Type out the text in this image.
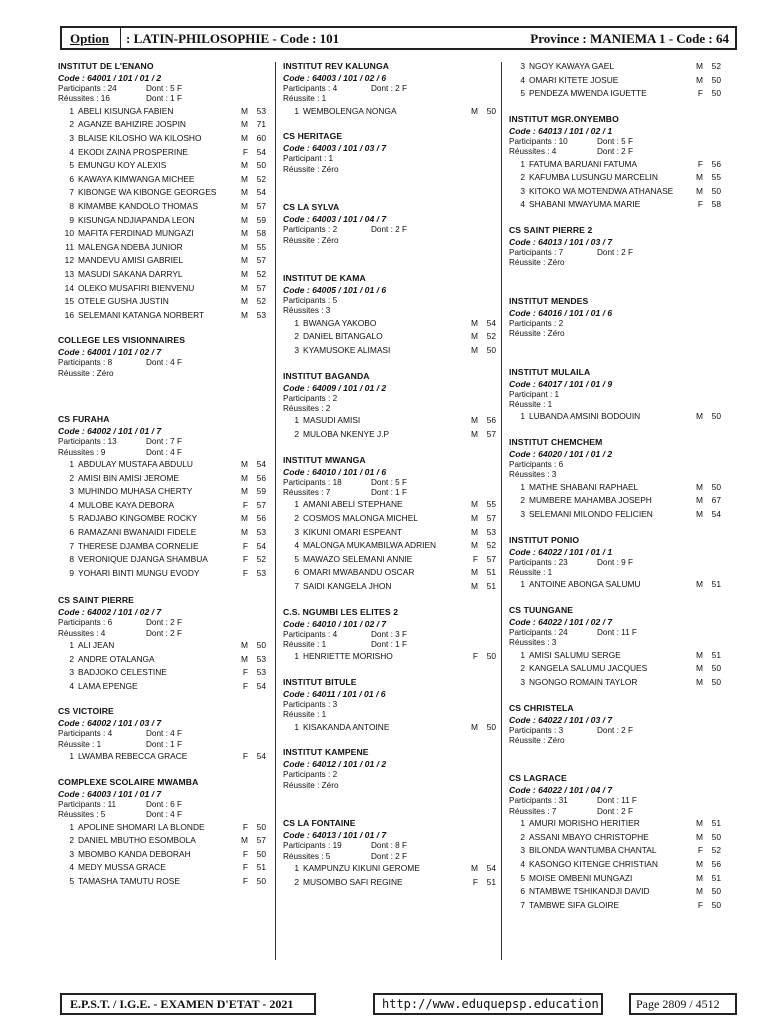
Option : LATIN-PHILOSOPHIE - Code : 101	Province : MANIEMA 1 - Code : 64
INSTITUT DE L'ENANO
Code : 64001 / 101 / 01 / 2
Participants : 24	Dont : 5 F
Réussites : 16	Dont : 1 F
1 ABELI KISUNGA FABIEN	M	53
2 AGANZE BAHIZIRE JOSPIN	M	71
3 BLAISE KILOSHO WA KILOSHO	M	60
4 EKODI ZAINA PROSPERINE	F	54
5 EMUNGU KOY ALEXIS	M	50
6 KAWAYA KIMWANGA MICHEE	M	52
7 KIBONGE WA KIBONGE GEORGES	M	54
8 KIMAMBE KANDOLO THOMAS	M	57
9 KISUNGA NDJIAPANDA LEON	M	59
10 MAFITA FERDINAD MUNGAZI	M	58
11 MALENGA NDEBA JUNIOR	M	55
12 MANDEVU AMISI GABRIEL	M	57
13 MASUDI SAKANA DARRYL	M	52
14 OLEKO MUSAFIRI BIENVENU	M	57
15 OTELE GUSHA JUSTIN	M	52
16 SELEMANI KATANGA NORBERT	M	53
COLLEGE LES VISIONNAIRES
Code : 64001 / 101 / 02 / 7
Participants : 8	Dont : 4 F
Réussite : Zéro
CS FURAHA
Code : 64002 / 101 / 01 / 7
Participants : 13	Dont : 7 F
Réussites : 9	Dont : 4 F
1 ABDULAY MUSTAFA ABDULU	M	54
2 AMISI BIN AMISI JEROME	M	56
3 MUHINDO MUHASA CHERTY	M	59
4 MULOBE KAYA DEBORA	F	57
5 RADJABO KINGOMBE ROCKY	M	56
6 RAMAZANI BWANAIDI FIDELE	M	53
7 THERESE DJAMBA CORNELIE	F	54
8 VERONIQUE DJANGA SHAMBUA	F	52
9 YOHARI BINTI MUNGU EVODY	F	53
CS SAINT PIERRE
Code : 64002 / 101 / 02 / 7
Participants : 6	Dont : 2 F
Réussites : 4	Dont : 2 F
1 ALI JEAN	M	50
2 ANDRE OTALANGA	M	53
3 BADJOKO CELESTINE	F	53
4 LAMA EPENGE	F	54
CS VICTOIRE
Code : 64002 / 101 / 03 / 7
Participants : 4	Dont : 4 F
Réussite : 1	Dont : 1 F
1 LWAMBA REBECCA GRACE	F	54
COMPLEXE SCOLAIRE MWAMBA
Code : 64003 / 101 / 01 / 7
Participants : 11	Dont : 6 F
Réussites : 5	Dont : 4 F
1 APOLINE SHOMARI LA BLONDE	F	50
2 DANIEL MBUTHO ESOMBOLA	M	57
3 MBOMBO KANDA DEBORAH	F	50
4 MEDY MUSSA GRACE	F	51
5 TAMASHA TAMUTU ROSE	F	50
INSTITUT REV KALUNGA
Code : 64003 / 101 / 02 / 6
Participants : 4	Dont : 2 F
Réussite : 1
1 WEMBOLENGA NONGA	M	50
CS HERITAGE
Code : 64003 / 101 / 03 / 7
Participant : 1
Réussite : Zéro
CS LA SYLVA
Code : 64003 / 101 / 04 / 7
Participants : 2	Dont : 2 F
Réussite : Zéro
INSTITUT DE KAMA
Code : 64005 / 101 / 01 / 6
Participants : 5
Réussites : 3
1 BWANGA YAKOBO	M	54
2 DANIEL BITANGALO	M	52
3 KYAMUSOKE ALIMASI	M	50
INSTITUT BAGANDA
Code : 64009 / 101 / 01 / 2
Participants : 2
Réussites : 2
1 MASUDI AMISI	M	56
2 MULOBA NKENYE J.P	M	57
INSTITUT MWANGA
Code : 64010 / 101 / 01 / 6
Participants : 18	Dont : 5 F
Réussites : 7	Dont : 1 F
1 AMANI ABELI STEPHANE	M	55
2 COSMOS MALONGA MICHEL	M	57
3 KIKUNI OMARI ESPEANT	M	53
4 MALONGA MUKAMBILWA ADRIEN	M	52
5 MAWAZO SELEMANI ANNIE	F	57
6 OMARI MWABANDU OSCAR	M	51
7 SAIDI KANGELA JHON	M	51
C.S. NGUMBI LES ELITES 2
Code : 64010 / 101 / 02 / 7
Participants : 4	Dont : 3 F
Réussite : 1	Dont : 1 F
1 HENRIETTE MORISHO	F	50
INSTITUT BITULE
Code : 64011 / 101 / 01 / 6
Participants : 3
Réussite : 1
1 KISAKANDA ANTOINE	M	50
INSTITUT KAMPENE
Code : 64012 / 101 / 01 / 2
Participants : 2
Réussite : Zéro
CS LA FONTAINE
Code : 64013 / 101 / 01 / 7
Participants : 19	Dont : 8 F
Réussites : 5	Dont : 2 F
1 KAMPUNZU KIKUNI GEROME	M	54
2 MUSOMBO SAFI REGINE	F	51
3 NGOY KAWAYA GAEL	M	52
4 OMARI KITETE JOSUE	M	50
5 PENDEZA MWENDA IGUETTE	F	50
INSTITUT MGR.ONYEMBO
Code : 64013 / 101 / 02 / 1
Participants : 10	Dont : 5 F
Réussites : 4	Dont : 2 F
1 FATUMA BARUANI FATUMA	F	56
2 KAFUMBA LUSUNGU MARCELIN	M	55
3 KITOKO WA MOTENDWA ATHANASE	M	50
4 SHABANI MWAYUMA MARIE	F	58
CS SAINT PIERRE 2
Code : 64013 / 101 / 03 / 7
Participants : 7	Dont : 2 F
Réussite : Zéro
INSTITUT MENDES
Code : 64016 / 101 / 01 / 6
Participants : 2
Réussite : Zéro
INSTITUT MULAILA
Code : 64017 / 101 / 01 / 9
Participant : 1
Réussite : 1
1 LUBANDA AMSINI BODOUIN	M	50
INSTITUT CHEMCHEM
Code : 64020 / 101 / 01 / 2
Participants : 6
Réussites : 3
1 MATHE SHABANI RAPHAEL	M	50
2 MUMBERE MAHAMBA JOSEPH	M	67
3 SELEMANI MILONDO FELICIEN	M	54
INSTITUT PONIO
Code : 64022 / 101 / 01 / 1
Participants : 23	Dont : 9 F
Réussite : 1
1 ANTOINE ABONGA SALUMU	M	51
CS TUUNGANE
Code : 64022 / 101 / 02 / 7
Participants : 24	Dont : 11 F
Réussites : 3
1 AMISI SALUMU SERGE	M	51
2 KANGELA SALUMU JACQUES	M	50
3 NGONGO ROMAIN TAYLOR	M	50
CS CHRISTELA
Code : 64022 / 101 / 03 / 7
Participants : 3	Dont : 2 F
Réussite : Zéro
CS LAGRACE
Code : 64022 / 101 / 04 / 7
Participants : 31	Dont : 11 F
Réussites : 7	Dont : 2 F
1 AMURI MORISHO HERITIER	M	51
2 ASSANI MBAYO CHRISTOPHE	M	50
3 BILONDA WANTUMBA CHANTAL	F	52
4 KASONGO KITENGE CHRISTIAN	M	56
5 MOISE OMBENI MUNGAZI	M	51
6 NTAMBWE TSHIKANDJI DAVID	M	50
7 TAMBWE SIFA GLOIRE	F	50
E.P.S.T. / I.G.E. - EXAMEN D'ETAT - 2021	http://www.eduquepsp.education	Page 2809 / 4512
